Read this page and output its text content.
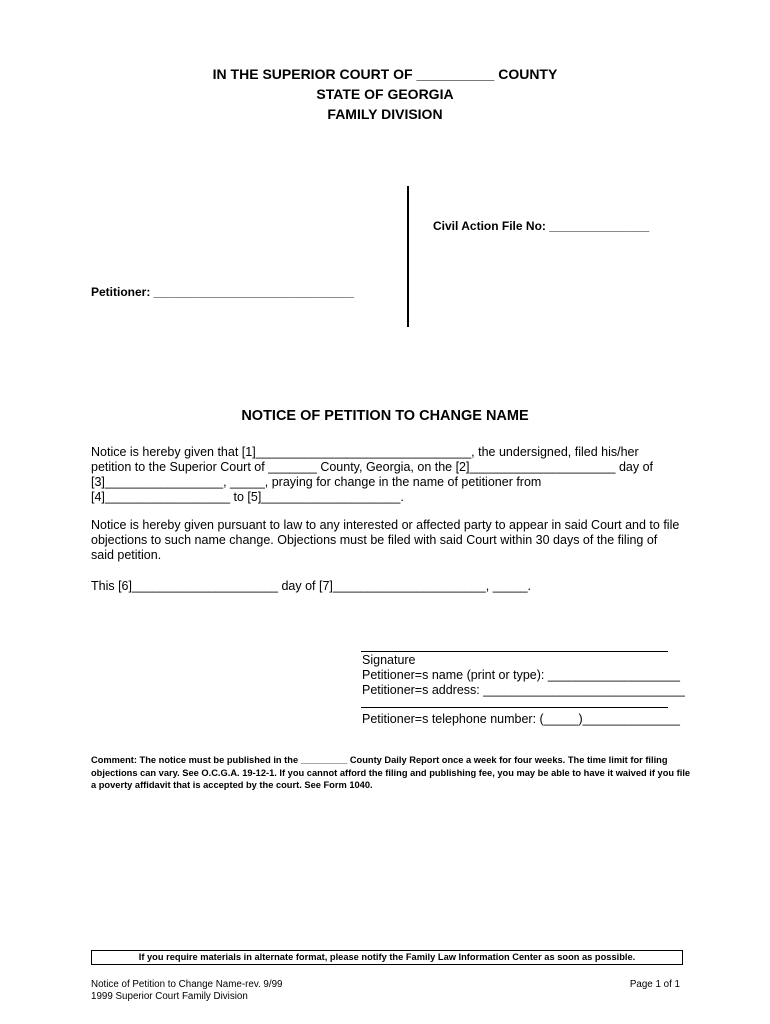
IN THE SUPERIOR COURT OF __________ COUNTY
STATE OF GEORGIA
FAMILY DIVISION
Civil Action File No: _______________
Petitioner: ______________________________
NOTICE OF PETITION TO CHANGE NAME
Notice is hereby given that [1]_______________________________, the undersigned, filed his/her
petition to the Superior Court of _______ County, Georgia, on the [2]_____________________ day of
[3]_________________, _____, praying for change in the name of petitioner from
[4]__________________ to [5]____________________.
Notice is hereby given pursuant to law to any interested or affected party to appear in said Court and to file objections to such name change. Objections must be filed with said Court within 30 days of the filing of said petition.
This [6]_____________________ day of [7]______________________, _____.
Signature
Petitioner=s name (print or type): ___________________
Petitioner=s address: _____________________________
Petitioner=s telephone number: (_____)______________
Comment: The notice must be published in the _________ County Daily Report once a week for four weeks. The time limit for filing objections can vary. See O.C.G.A. 19-12-1. If you cannot afford the filing and publishing fee, you may be able to have it waived if you file a poverty affidavit that is accepted by the court. See Form 1040.
If you require materials in alternate format, please notify the Family Law Information Center as soon as possible.
Notice of Petition to Change Name-rev. 9/99
1999 Superior Court Family Division
Page 1 of 1
